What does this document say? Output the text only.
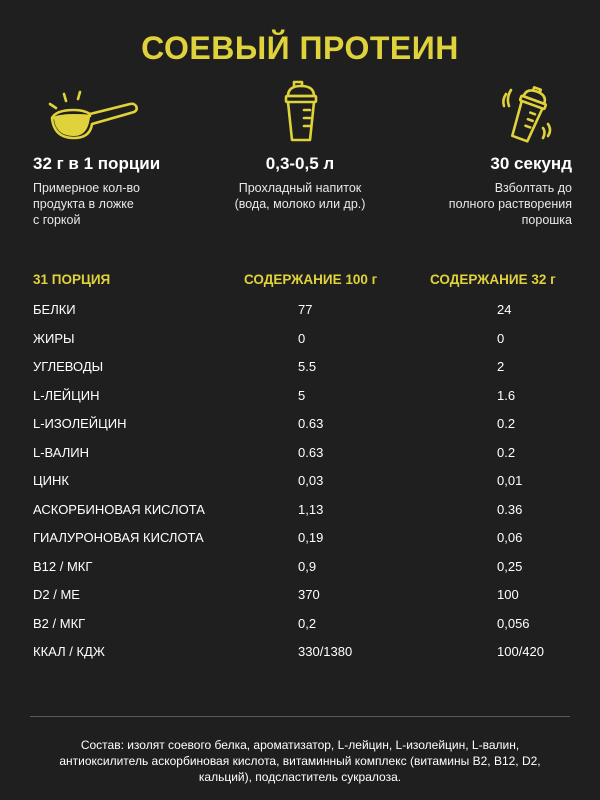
СОЕВЫЙ ПРОТЕИН
32 г в 1 порции
Примерное кол-во
продукта в ложке
с горкой
0,3-0,5 л
Прохладный напиток
(вода, молоко или др.)
30 секунд
Взболтать до
полного растворения
порошка
31 ПОРЦИЯ	СОДЕРЖАНИЕ 100 г	СОДЕРЖАНИЕ 32 г
БЕЛКИ	77	24
ЖИРЫ	0	0
УГЛЕВОДЫ	5.5	2
L-ЛЕЙЦИН	5	1.6
L-ИЗОЛЕЙЦИН	0.63	0.2
L-ВАЛИН	0.63	0.2
ЦИНК	0,03	0,01
АСКОРБИНОВАЯ КИСЛОТА	1,13	0.36
ГИАЛУРОНОВАЯ КИСЛОТА	0,19	0,06
B12 / МКГ	0,9	0,25
D2 / МЕ	370	100
B2 / МКГ	0,2	0,056
ККАЛ / КДЖ	330/1380	100/420
Состав: изолят соевого белка, ароматизатор, L-лейцин, L-изолейцин, L-валин, антиоксилитель аскорбиновая кислота, витаминный комплекс (витамины B2, B12, D2, кальций), подсластитель сукралоза.
